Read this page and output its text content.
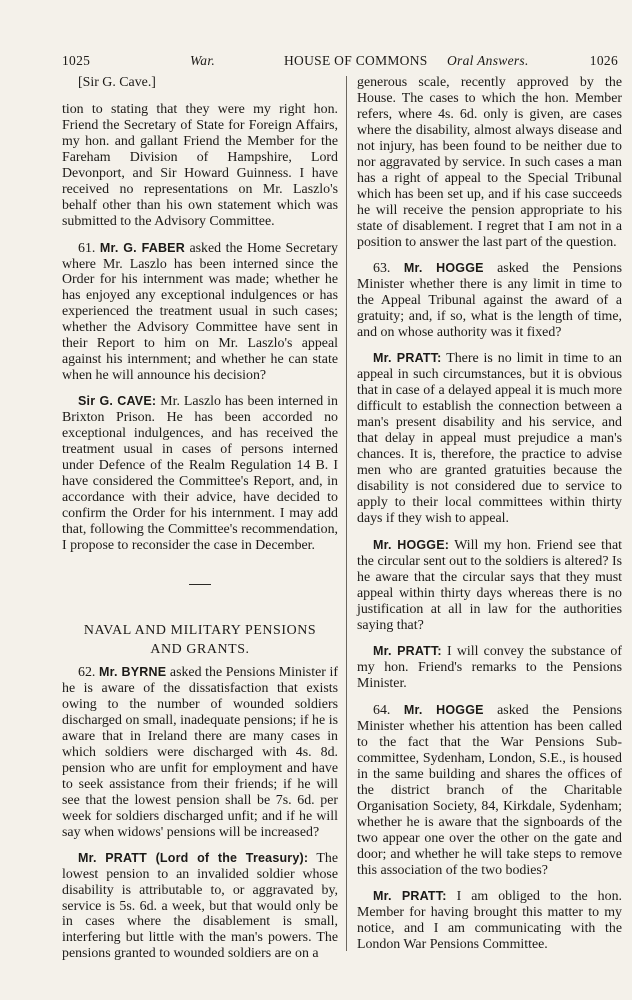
1025	War.	HOUSE OF COMMONS Oral Answers.	1026

[Sir G. Cave.]

tion to stating that they were my right hon. Friend the Secretary of State for Foreign Affairs, my hon. and gallant Friend the Member for the Fareham Division of Hampshire, Lord Devonport, and Sir Howard Guinness. I have received no representations on Mr. Laszlo's behalf other than his own statement which was submitted to the Advisory Committee.

61. Mr. G. FABER asked the Home Secretary where Mr. Laszlo has been interned since the Order for his internment was made; whether he has enjoyed any exceptional indulgences or has experienced the treatment usual in such cases; whether the Advisory Committee have sent in their Report to him on Mr. Laszlo's appeal against his internment; and whether he can state when he will announce his decision?

Sir G. CAVE: Mr. Laszlo has been interned in Brixton Prison. He has been accorded no exceptional indulgences, and has received the treatment usual in cases of persons interned under Defence of the Realm Regulation 14 B. I have considered the Committee's Report, and, in accordance with their advice, have decided to confirm the Order for his internment. I may add that, following the Committee's recommendation, I propose to reconsider the case in December.

NAVAL AND MILITARY PENSIONS
AND GRANTS.

62. Mr. BYRNE asked the Pensions Minister if he is aware of the dissatisfaction that exists owing to the number of wounded soldiers discharged on small, inadequate pensions; if he is aware that in Ireland there are many cases in which soldiers were discharged with 4s. 8d. pension who are unfit for employment and have to seek assistance from their friends; if he will see that the lowest pension shall be 7s. 6d. per week for soldiers discharged unfit; and if he will say when widows' pensions will be increased?

Mr. PRATT (Lord of the Treasury): The lowest pension to an invalided soldier whose disability is attributable to, or aggravated by, service is 5s. 6d. a week, but that would only be in cases where the disablement is small, interfering but little with the man's powers. The pensions granted to wounded soldiers are on a

generous scale, recently approved by the House. The cases to which the hon. Member refers, where 4s. 6d. only is given, are cases where the disability, almost always disease and not injury, has been found to be neither due to nor aggravated by service. In such cases a man has a right of appeal to the Special Tribunal which has been set up, and if his case succeeds he will receive the pension appropriate to his state of disablement. I regret that I am not in a position to answer the last part of the question.

63. Mr. HOGGE asked the Pensions Minister whether there is any limit in time to the Appeal Tribunal against the award of a gratuity; and, if so, what is the length of time, and on whose authority was it fixed?

Mr. PRATT: There is no limit in time to an appeal in such circumstances, but it is obvious that in case of a delayed appeal it is much more difficult to establish the connection between a man's present disability and his service, and that delay in appeal must prejudice a man's chances. It is, therefore, the practice to advise men who are granted gratuities because the disability is not considered due to service to apply to their local committees within thirty days if they wish to appeal.

Mr. HOGGE: Will my hon. Friend see that the circular sent out to the soldiers is altered? Is he aware that the circular says that they must appeal within thirty days whereas there is no justification at all in law for the authorities saying that?

Mr. PRATT: I will convey the substance of my hon. Friend's remarks to the Pensions Minister.

64. Mr. HOGGE asked the Pensions Minister whether his attention has been called to the fact that the War Pensions Sub-committee, Sydenham, London, S.E., is housed in the same building and shares the offices of the district branch of the Charitable Organisation Society, 84, Kirkdale, Sydenham; whether he is aware that the signboards of the two appear one over the other on the gate and door; and whether he will take steps to remove this association of the two bodies?

Mr. PRATT: I am obliged to the hon. Member for having brought this matter to my notice, and I am communicating with the London War Pensions Committee.
